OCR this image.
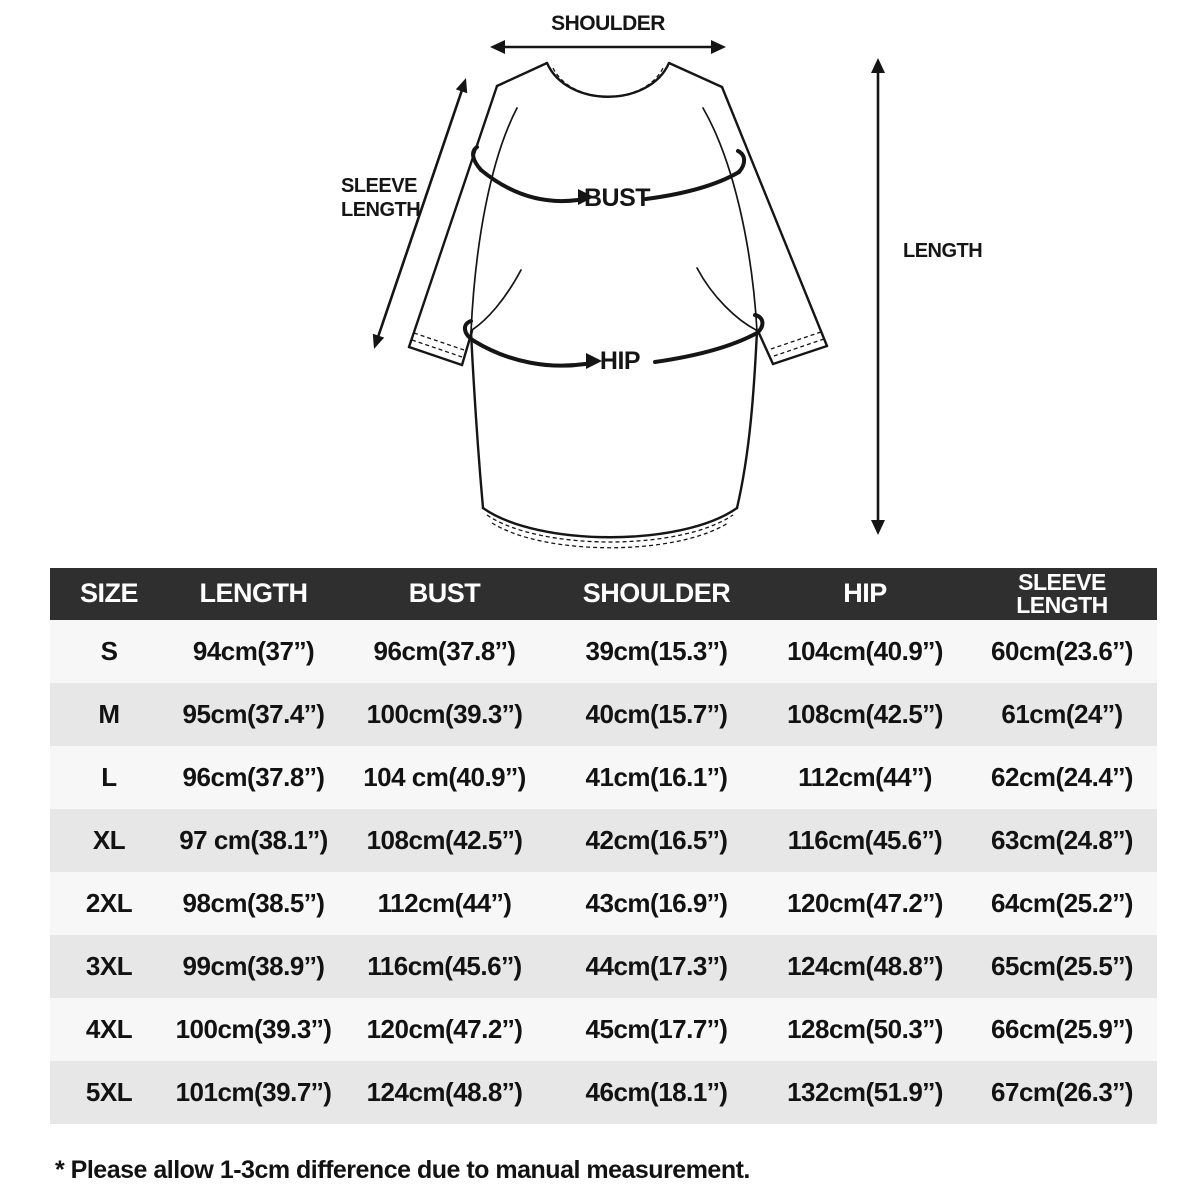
SHOULDER
SLEEVE
LENGTH	BUST
HIP
LENGTH
SIZE	LENGTH	BUST	SHOULDER	HIP	SLEEVE LENGTH
S	94cm(37’’)	96cm(37.8’’)	39cm(15.3’’)	104cm(40.9’’)	60cm(23.6’’)
M	95cm(37.4’’)	100cm(39.3’’)	40cm(15.7’’)	108cm(42.5’’)	61cm(24’’)
L	96cm(37.8’’)	104 cm(40.9’’)	41cm(16.1’’)	112cm(44’’)	62cm(24.4’’)
XL	97 cm(38.1’’)	108cm(42.5’’)	42cm(16.5’’)	116cm(45.6’’)	63cm(24.8’’)
2XL	98cm(38.5’’)	112cm(44’’)	43cm(16.9’’)	120cm(47.2’’)	64cm(25.2’’)
3XL	99cm(38.9’’)	116cm(45.6’’)	44cm(17.3’’)	124cm(48.8’’)	65cm(25.5’’)
4XL	100cm(39.3’’)	120cm(47.2’’)	45cm(17.7’’)	128cm(50.3’’)	66cm(25.9’’)
5XL	101cm(39.7’’)	124cm(48.8’’)	46cm(18.1’’)	132cm(51.9’’)	67cm(26.3’’)
* Please allow 1-3cm difference due to manual measurement.
